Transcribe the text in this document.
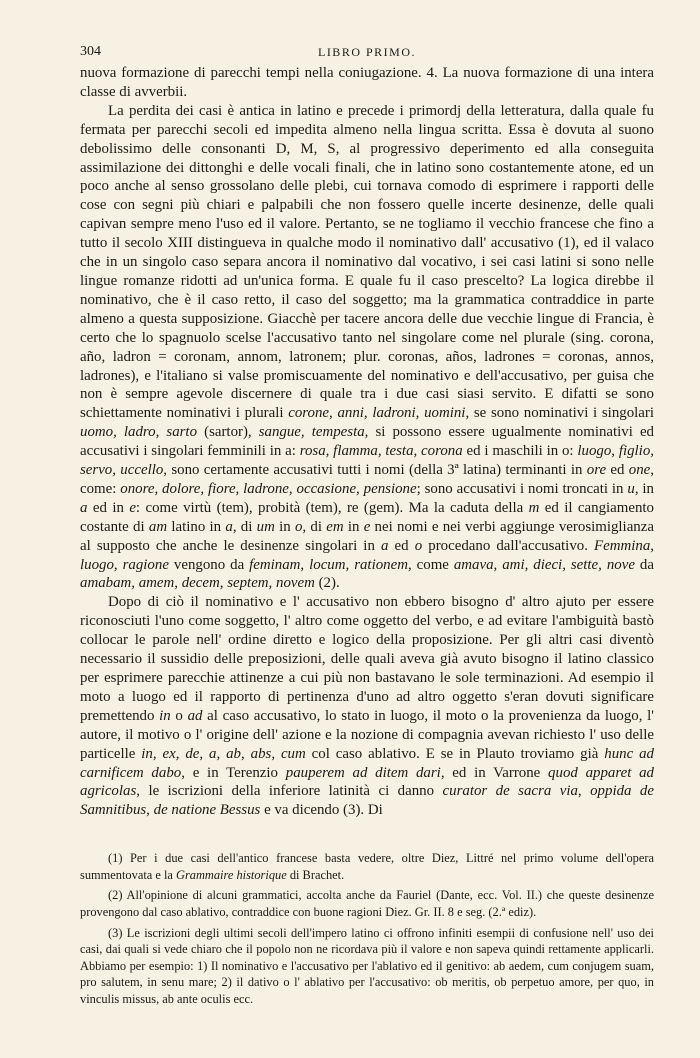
304	LIBRO PRIMO.

nuova formazione di parecchi tempi nella coniugazione. 4. La nuova formazione di una intera classe di avverbii.

La perdita dei casi è antica in latino e precede i primordj della letteratura, dalla quale fu fermata per parecchi secoli ed impedita almeno nella lingua scritta. Essa è dovuta al suono debolissimo delle consonanti D, M, S, al progressivo deperimento ed alla conseguita assimilazione dei dittonghi e delle vocali finali, che in latino sono costantemente atone, ed un poco anche al senso grossolano delle plebi, cui tornava comodo di esprimere i rapporti delle cose con segni più chiari e palpabili che non fossero quelle incerte desinenze, delle quali capivan sempre meno l'uso ed il valore. Pertanto, se ne togliamo il vecchio francese che fino a tutto il secolo XIII distingueva in qualche modo il nominativo dall' accusativo (1), ed il valaco che in un singolo caso separa ancora il nominativo dal vocativo, i sei casi latini si sono nelle lingue romanze ridotti ad un'unica forma. E quale fu il caso prescelto? La logica direbbe il nominativo, che è il caso retto, il caso del soggetto; ma la grammatica contraddice in parte almeno a questa supposizione. Giacchè per tacere ancora delle due vecchie lingue di Francia, è certo che lo spagnuolo scelse l'accusativo tanto nel singolare come nel plurale (sing. corona, año, ladron = coronam, annom, latronem; plur. coronas, años, ladrones = coronas, annos, ladrones), e l'italiano si valse promiscuamente del nominativo e dell'accusativo, per guisa che non è sempre agevole discernere di quale tra i due casi siasi servito. E difatti se sono schiettamente nominativi i plurali corone, anni, ladroni, uomini, se sono nominativi i singolari uomo, ladro, sarto (sartor), sangue, tempesta, si possono essere ugualmente nominativi ed accusativi i singolari femminili in a: rosa, flamma, testa, corona ed i maschili in o: luogo, figlio, servo, uccello, sono certamente accusativi tutti i nomi (della 3ª latina) terminanti in ore ed one, come: onore, dolore, fiore, ladrone, occasione, pensione; sono accusativi i nomi troncati in u, in a ed in e: come virtù (tem), probità (tem), re (gem). Ma la caduta della m ed il cangiamento costante di am latino in a, di um in o, di em in e nei nomi e nei verbi aggiunge verosimiglianza al supposto che anche le desinenze singolari in a ed o procedano dall'accusativo. Femmina, luogo, ragione vengono da feminam, locum, rationem, come amava, ami, dieci, sette, nove da amabam, amem, decem, septem, novem (2).

Dopo di ciò il nominativo e l' accusativo non ebbero bisogno d' altro ajuto per essere riconosciuti l'uno come soggetto, l' altro come oggetto del verbo, e ad evitare l'ambiguità bastò collocar le parole nell' ordine diretto e logico della proposizione. Per gli altri casi diventò necessario il sussidio delle preposizioni, delle quali aveva già avuto bisogno il latino classico per esprimere parecchie attinenze a cui più non bastavano le sole terminazioni. Ad esempio il moto a luogo ed il rapporto di pertinenza d'uno ad altro oggetto s'eran dovuti significare premettendo in o ad al caso accusativo, lo stato in luogo, il moto o la provenienza da luogo, l' autore, il motivo o l' origine dell' azione e la nozione di compagnia avevan richiesto l' uso delle particelle in, ex, de, a, ab, abs, cum col caso ablativo. E se in Plauto troviamo già hunc ad carnificem dabo, e in Terenzio pauperem ad ditem dari, ed in Varrone quod apparet ad agricolas, le iscrizioni della inferiore latinità ci danno curator de sacra via, oppida de Samnitibus, de natione Bessus e va dicendo (3). Di

(1) Per i due casi dell'antico francese basta vedere, oltre Diez, Littré nel primo volume dell'opera summentovata e la Grammaire historique di Brachet.

(2) All'opinione di alcuni grammatici, accolta anche da Fauriel (Dante, ecc. Vol. II.) che queste desinenze provengono dal caso ablativo, contraddice con buone ragioni Diez. Gr. II. 8 e seg. (2.ª ediz).

(3) Le iscrizioni degli ultimi secoli dell'impero latino ci offrono infiniti esempii di confusione nell' uso dei casi, dai quali si vede chiaro che il popolo non ne ricordava più il valore e non sapeva quindi rettamente applicarli. Abbiamo per esempio: 1) Il nominativo e l'accusativo per l'ablativo ed il genitivo: ab aedem, cum conjugem suam, pro salutem, in senu mare; 2) il dativo o l' ablativo per l'accusativo: ob meritis, ob perpetuo amore, per quo, in vinculis missus, ab ante oculis ecc.
